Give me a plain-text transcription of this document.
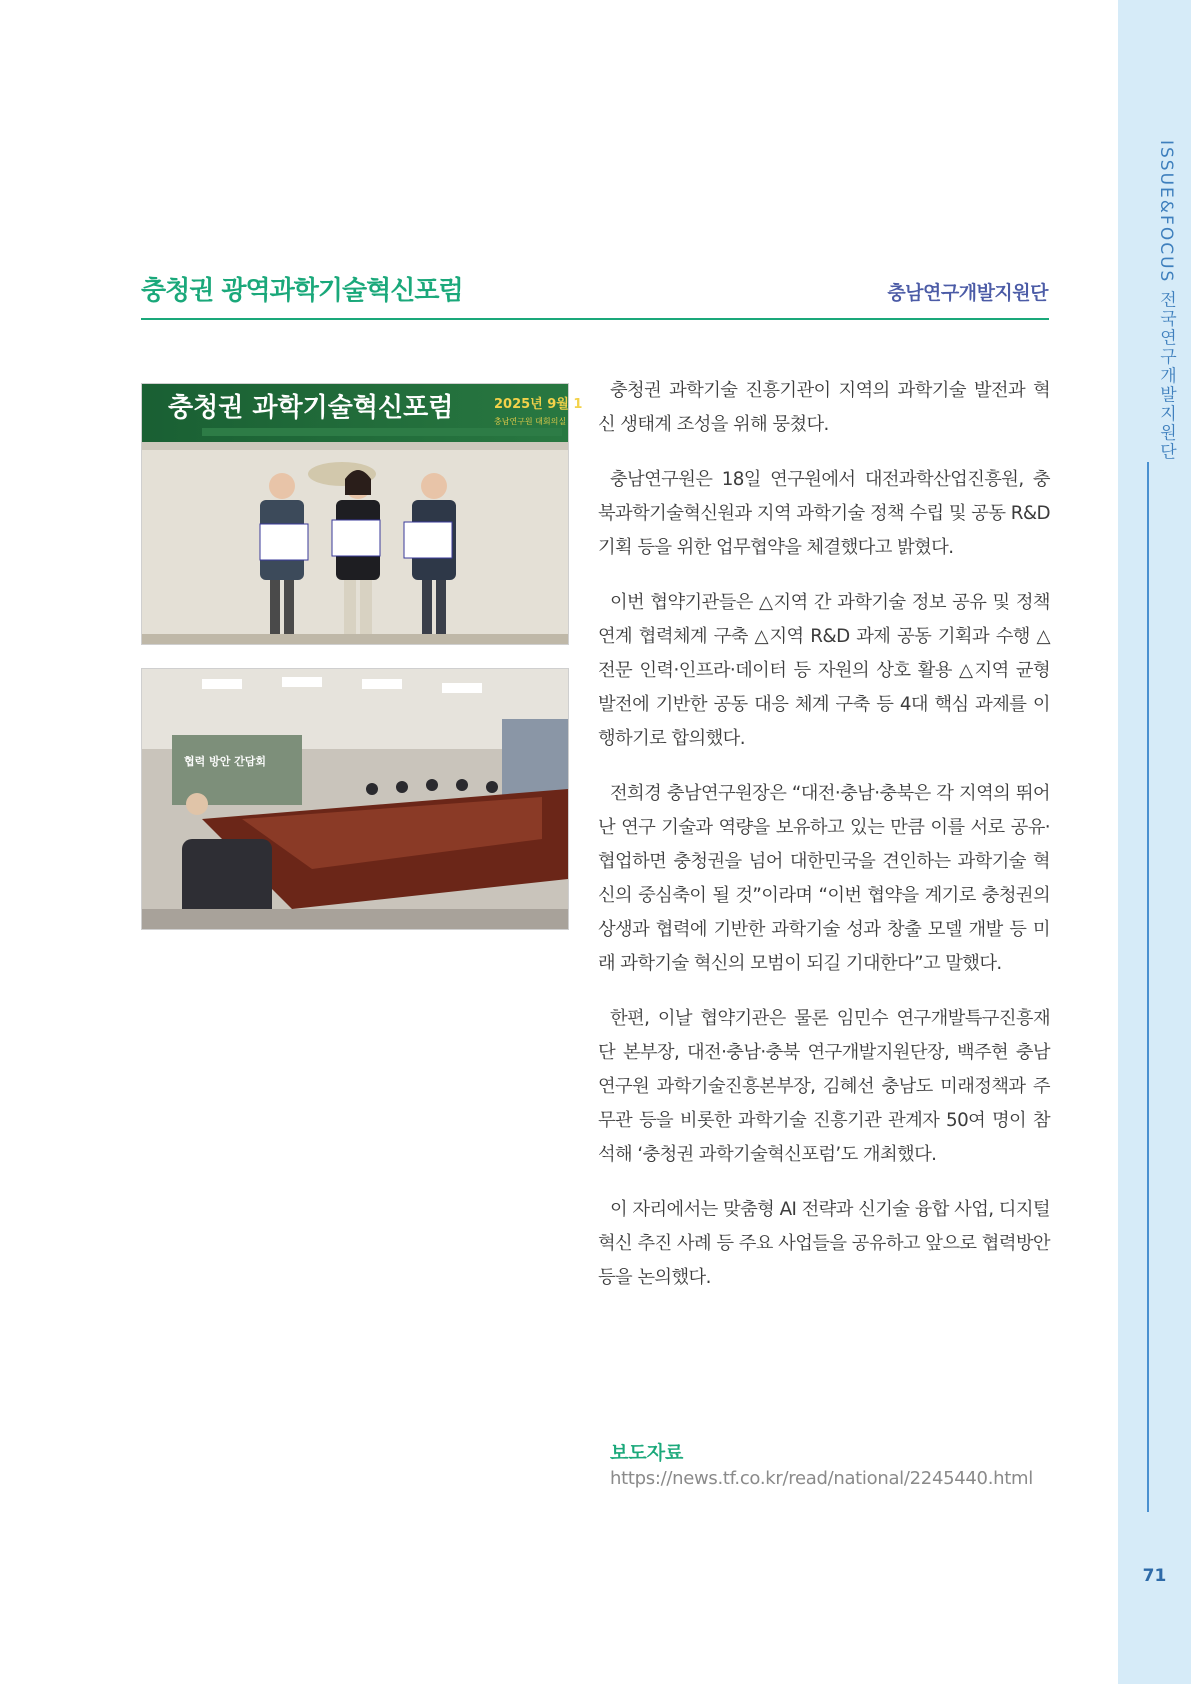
ISSUE&FOCUS 전국연구개발지원단
71
충청권 광역과학기술혁신포럼	충남연구개발지원단
충청권 과학기술혁신포럼	2025년 9월 1
충남연구원 대회의실
협력 방안 간담회

충청권 과학기술 진흥기관이 지역의 과학기술 발전과 혁신 생태계 조성을 위해 뭉쳤다.

충남연구원은 18일 연구원에서 대전과학산업진흥원, 충북과학기술혁신원과 지역 과학기술 정책 수립 및 공동 R&D 기획 등을 위한 업무협약을 체결했다고 밝혔다.

이번 협약기관들은 △지역 간 과학기술 정보 공유 및 정책 연계 협력체계 구축 △지역 R&D 과제 공동 기획과 수행 △전문 인력·인프라·데이터 등 자원의 상호 활용 △지역 균형발전에 기반한 공동 대응 체계 구축 등 4대 핵심 과제를 이행하기로 합의했다.

전희경 충남연구원장은 “대전·충남·충북은 각 지역의 뛰어난 연구 기술과 역량을 보유하고 있는 만큼 이를 서로 공유·협업하면 충청권을 넘어 대한민국을 견인하는 과학기술 혁신의 중심축이 될 것”이라며 “이번 협약을 계기로 충청권의 상생과 협력에 기반한 과학기술 성과 창출 모델 개발 등 미래 과학기술 혁신의 모범이 되길 기대한다”고 말했다.

한편, 이날 협약기관은 물론 임민수 연구개발특구진흥재단 본부장, 대전·충남·충북 연구개발지원단장, 백주현 충남연구원 과학기술진흥본부장, 김혜선 충남도 미래정책과 주무관 등을 비롯한 과학기술 진흥기관 관계자 50여 명이 참석해 ‘충청권 과학기술혁신포럼’도 개최했다.

이 자리에서는 맞춤형 AI 전략과 신기술 융합 사업, 디지털 혁신 추진 사례 등 주요 사업들을 공유하고 앞으로 협력방안 등을 논의했다.

보도자료
https://news.tf.co.kr/read/national/2245440.html
